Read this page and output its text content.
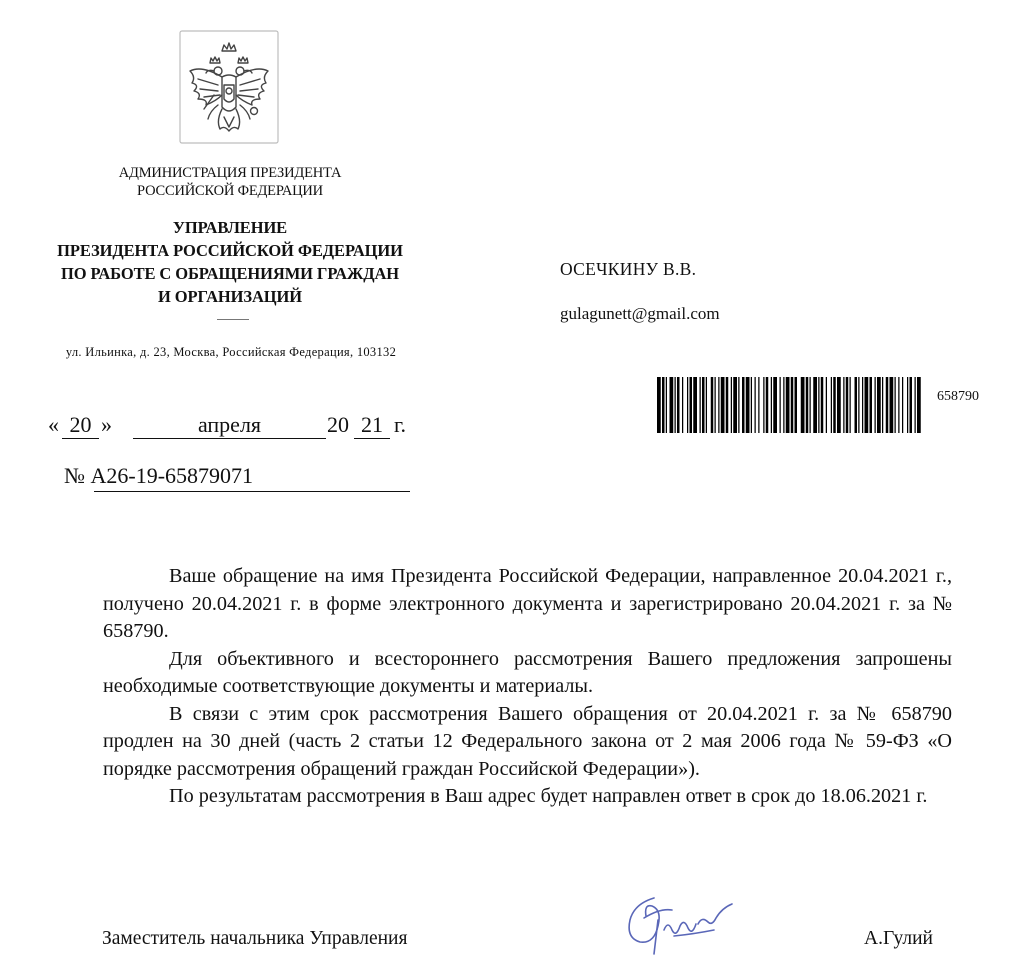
АДМИНИСТРАЦИЯ ПРЕЗИДЕНТА
РОССИЙСКОЙ ФЕДЕРАЦИИ
УПРАВЛЕНИЕ
ПРЕЗИДЕНТА РОССИЙСКОЙ ФЕДЕРАЦИИ
ПО РАБОТЕ С ОБРАЩЕНИЯМИ ГРАЖДАН
И ОРГАНИЗАЦИЙ
ул. Ильинка, д. 23, Москва, Российская Федерация, 103132
« 20 »	апреля	20 21 г.
№ А26-19-65879071
ОСЕЧКИНУ В.В.
gulagunett@gmail.com
658790

Ваше обращение на имя Президента Российской Федерации, направленное 20.04.2021 г., получено 20.04.2021 г. в форме электронного документа и зарегистрировано 20.04.2021 г. за № 658790.

Для объективного и всестороннего рассмотрения Вашего предложения запрошены необходимые соответствующие документы и материалы.

В связи с этим срок рассмотрения Вашего обращения от 20.04.2021 г. за № 658790 продлен на 30 дней (часть 2 статьи 12 Федерального закона от 2 мая 2006 года № 59-ФЗ «О порядке рассмотрения обращений граждан Российской Федерации»).

По результатам рассмотрения в Ваш адрес будет направлен ответ в срок до 18.06.2021 г.

Заместитель начальника Управления	А.Гулий
